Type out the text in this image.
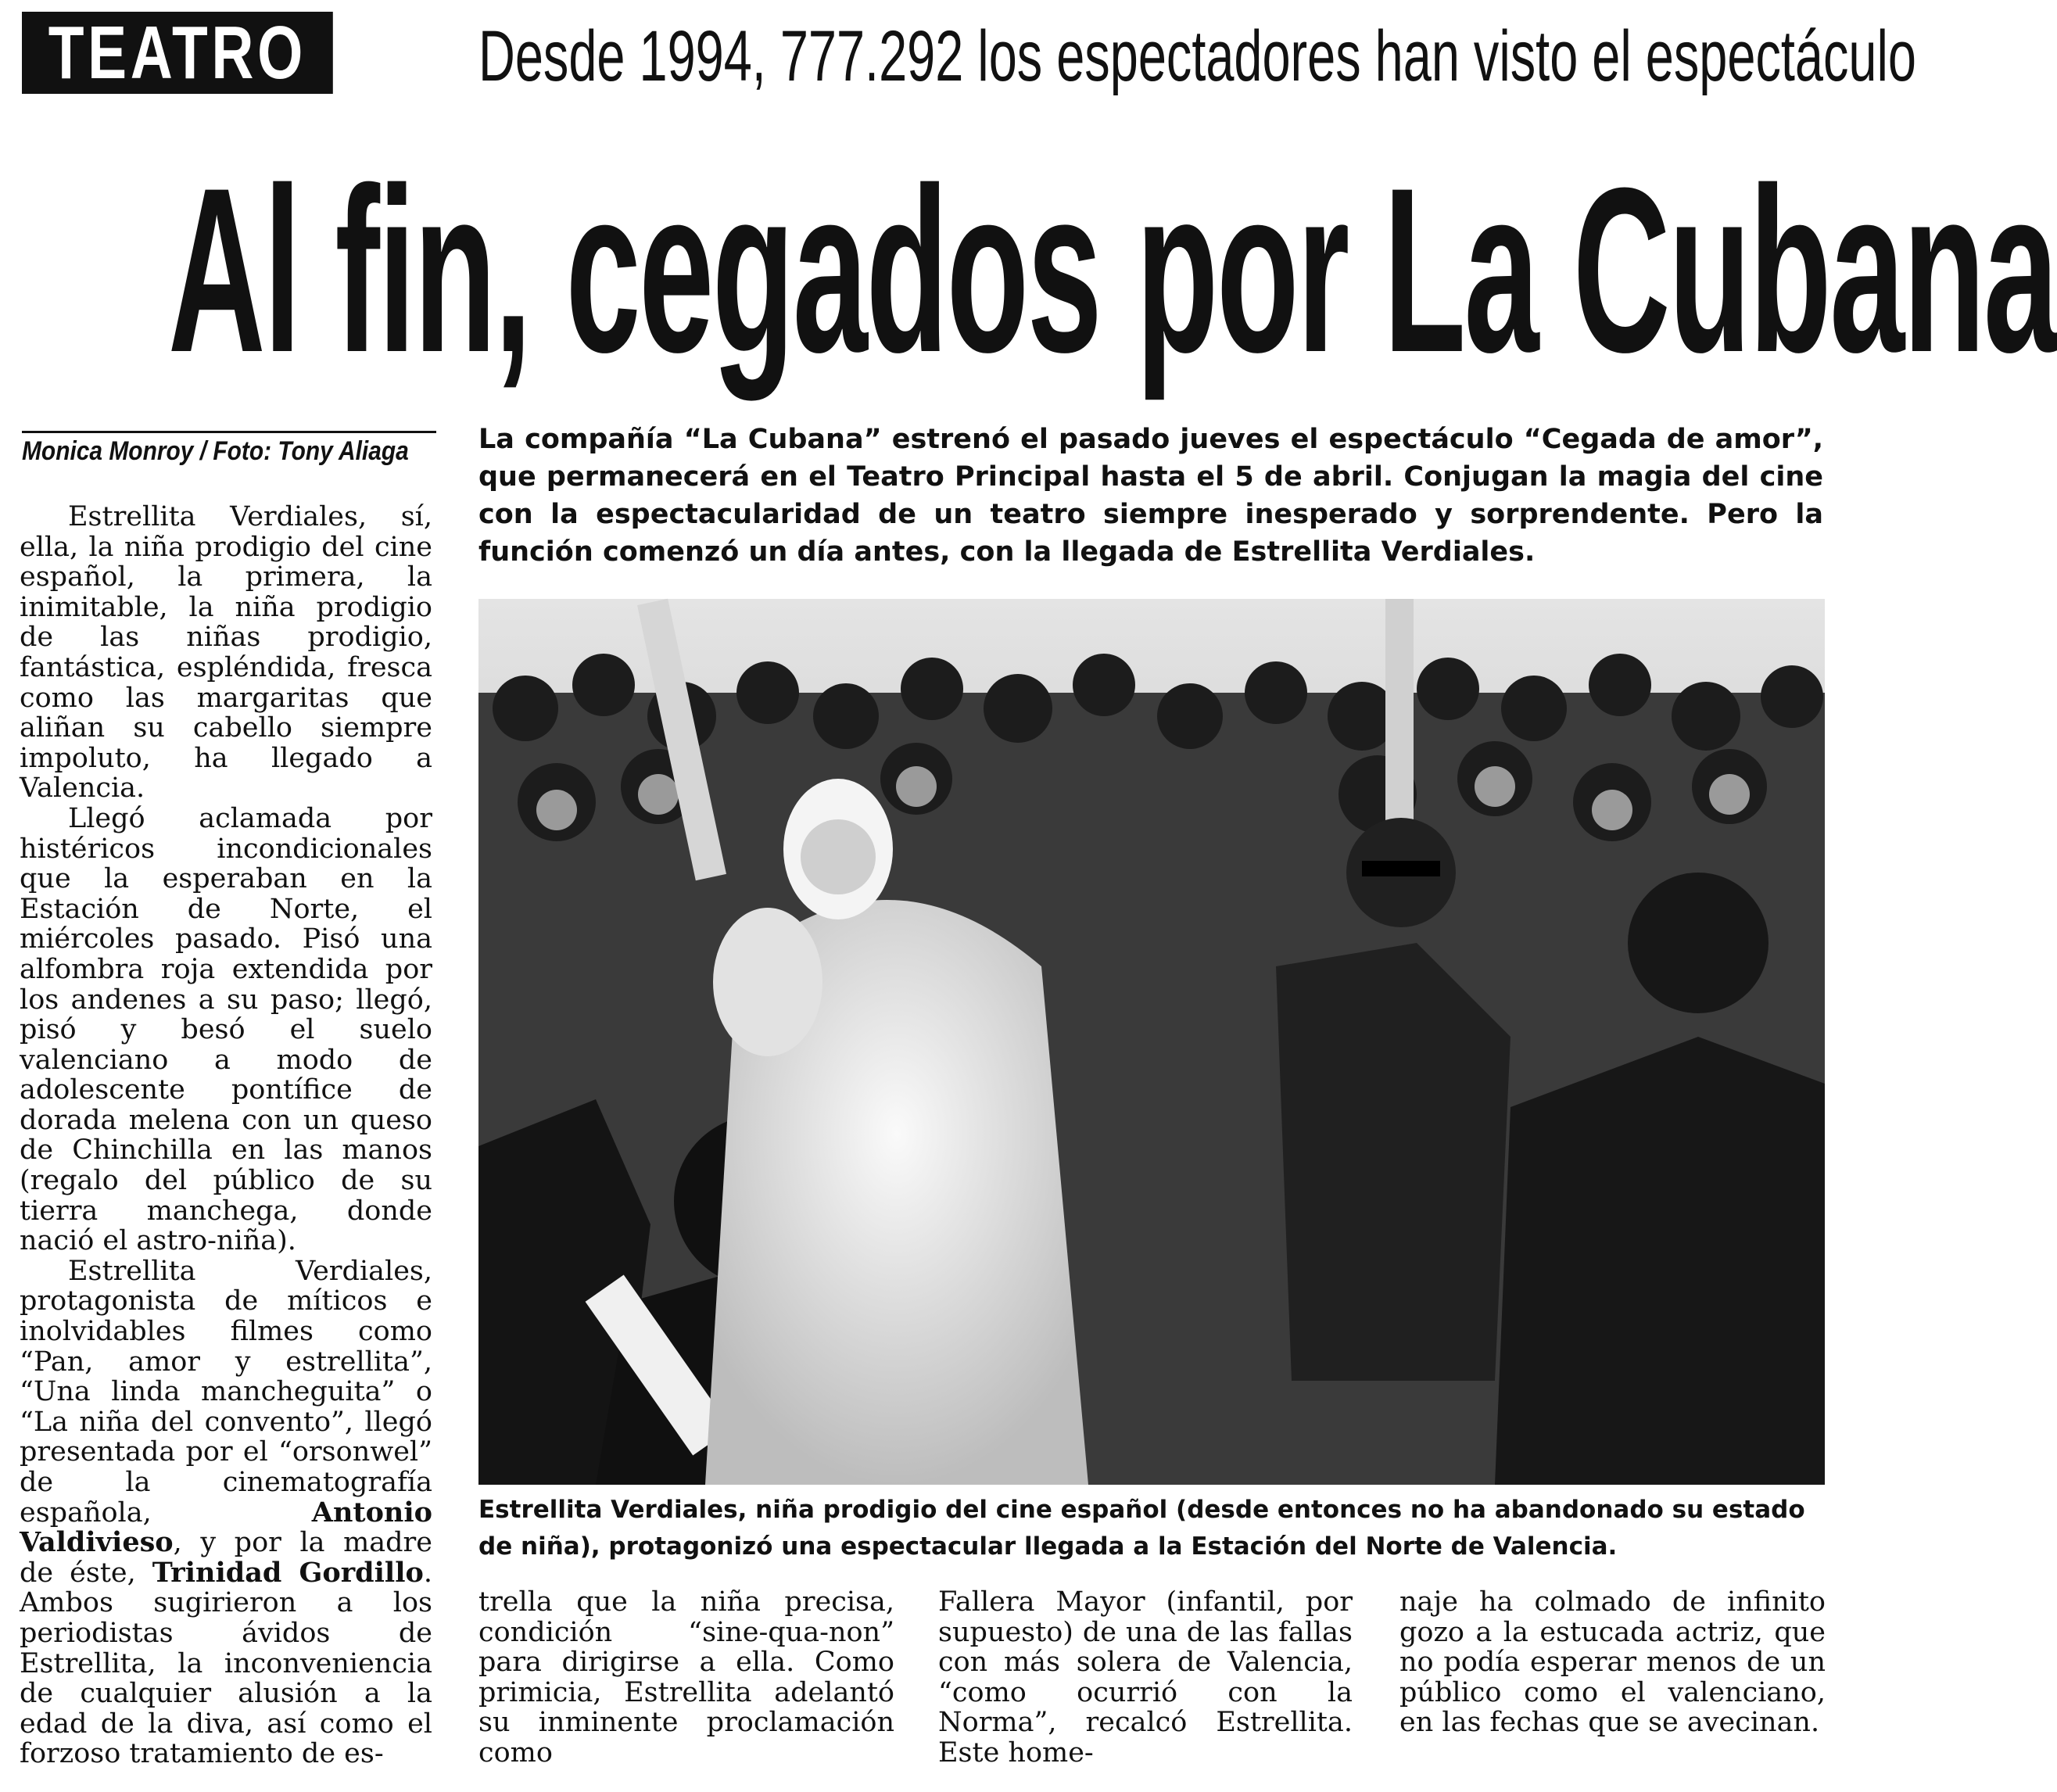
TEATRO Desde 1994, 777.292 los espectadores han visto el espectáculo
Al fin, cegados por La Cubana
Monica Monroy / Foto: Tony Aliaga	La compañía “La Cubana” estrenó el pasado jueves el espectáculo “Cegada de amor”, que permanecerá en el Teatro Principal hasta el 5 de abril. Conjugan la magia del cine con la espectacularidad de un teatro siempre inesperado y sorprendente. Pero la función comenzó un día antes, con la llegada de Estrellita Verdiales.

Estrellita Verdiales, niña prodigio del cine español (desde entonces no ha abandonado su estado de niña), protagonizó una espectacular llegada a la Estación del Norte de Valencia.

Estrellita Verdiales, sí, ella, la niña prodigio del cine español, la primera, la inimitable, la niña prodigio de las niñas prodigio, fantástica, espléndida, fresca como las margaritas que aliñan su cabello siempre impoluto, ha llegado a Valencia.

Llegó aclamada por histéricos incondicionales que la esperaban en la Estación de Norte, el miércoles pasado. Pisó una alfombra roja extendida por los andenes a su paso; llegó, pisó y besó el suelo valenciano a modo de adolescente pontífice de dorada melena con un queso de Chinchilla en las manos (regalo del público de su tierra manchega, donde nació el astro-niña).

Estrellita Verdiales, protagonista de míticos e inolvidables filmes como “Pan, amor y estrellita”, “Una linda mancheguita” o “La niña del convento”, llegó presentada por el “orsonwel” de la cinematografía española, Antonio Valdivieso, y por la madre de éste, Trinidad Gordillo. Ambos sugirieron a los periodistas ávidos de Estrellita, la inconveniencia de cualquier alusión a la edad de la diva, así como el forzoso tratamiento de es-

trella que la niña precisa, condición “sine-qua-non” para dirigirse a ella. Como primicia, Estrellita adelantó su inminente proclamación como

Fallera Mayor (infantil, por supuesto) de una de las fallas con más solera de Valencia, “como ocurrió con la Norma”, recalcó Estrellita. Este home-

naje ha colmado de infinito gozo a la estucada actriz, que no podía esperar menos de un público como el valenciano, en las fechas que se avecinan.
